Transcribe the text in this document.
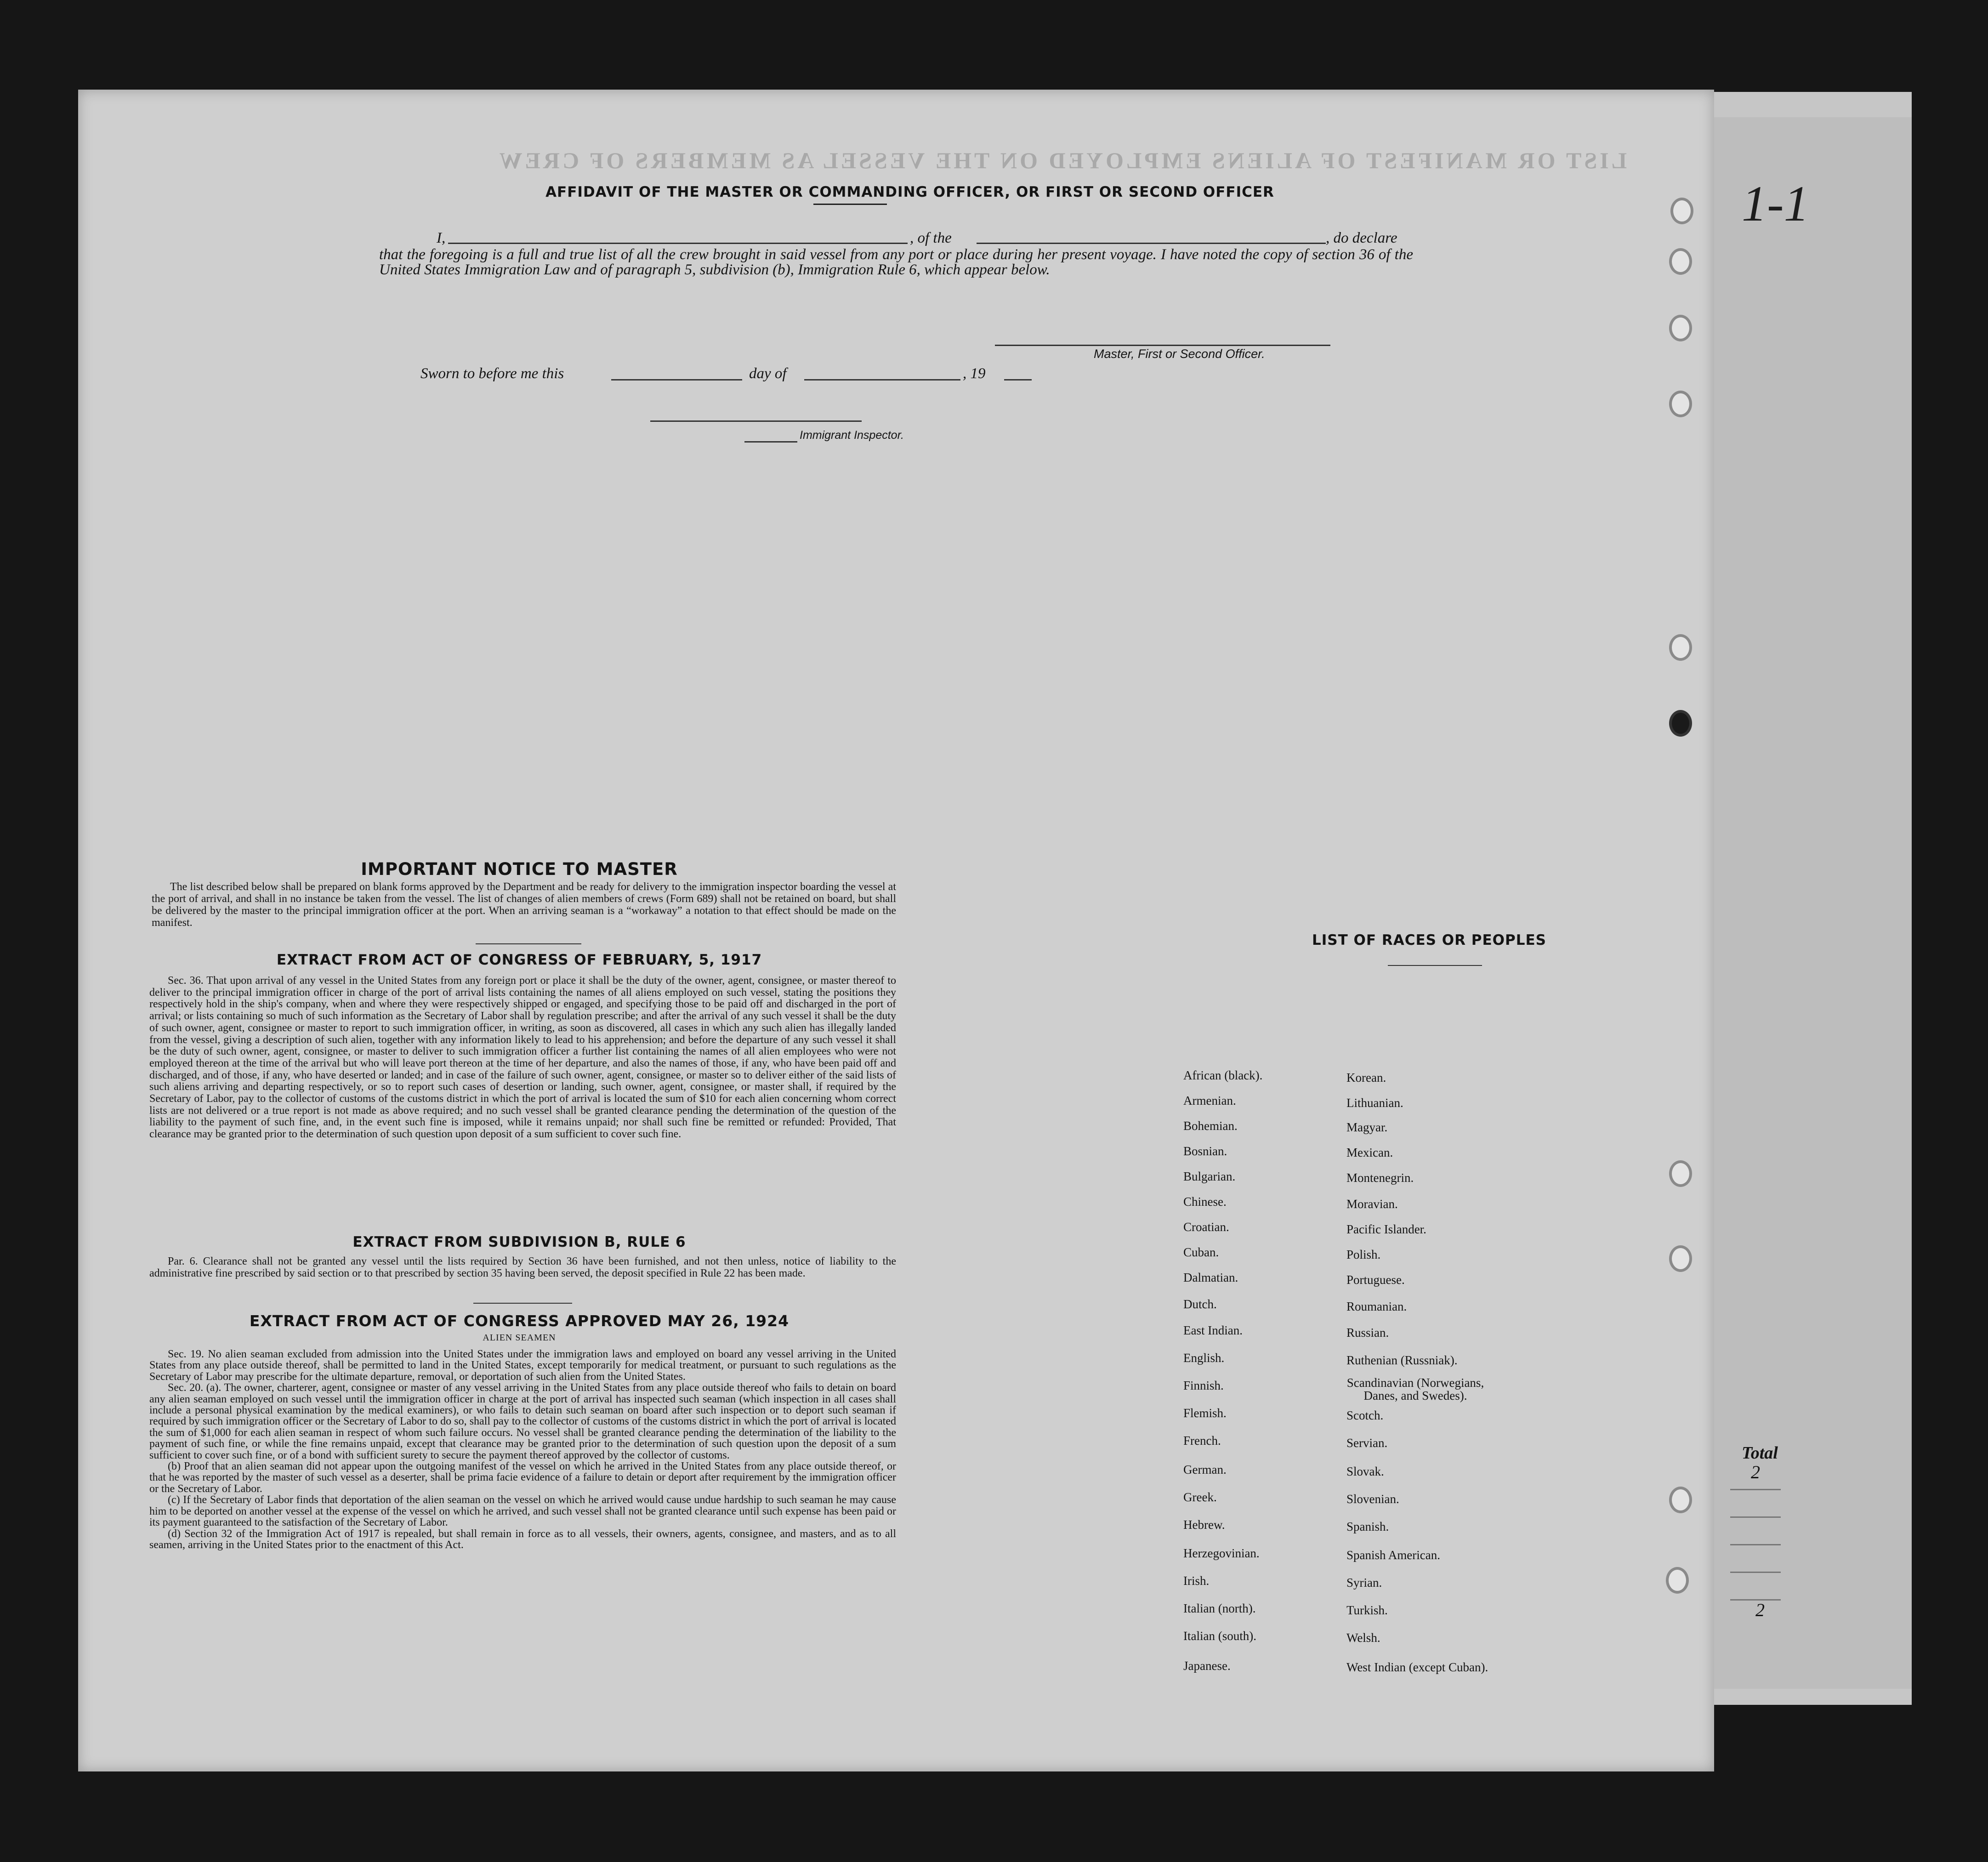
1-1
Total
2
2
LIST OR MANIFEST OF ALIENS EMPLOYED ON THE VESSEL AS MEMBERS OF CREW
AFFIDAVIT OF THE MASTER OR COMMANDING OFFICER, OR FIRST OR SECOND OFFICER
I,	, of the	, do declare
that the foregoing is a full and true list of all the crew brought in said vessel from any port or place during her present voyage. I have noted the copy of section 36 of the United States Immigration Law and of paragraph 5, subdivision (b), Immigration Rule 6, which appear below.
Master, First or Second Officer.
Sworn to before me this	day of	, 19
Immigrant Inspector.
IMPORTANT NOTICE TO MASTER

The list described below shall be prepared on blank forms approved by the Department and be ready for delivery to the immigration inspector boarding the vessel at the port of arrival, and shall in no instance be taken from the vessel. The list of changes of alien members of crews (Form 689) shall not be retained on board, but shall be delivered by the master to the principal immigration officer at the port. When an arriving seaman is a “workaway” a notation to that effect should be made on the manifest.

EXTRACT FROM ACT OF CONGRESS OF FEBRUARY, 5, 1917

Sec. 36. That upon arrival of any vessel in the United States from any foreign port or place it shall be the duty of the owner, agent, consignee, or master thereof to deliver to the principal immigration officer in charge of the port of arrival lists containing the names of all aliens employed on such vessel, stating the positions they respectively hold in the ship's company, when and where they were respectively shipped or engaged, and specifying those to be paid off and discharged in the port of arrival; or lists containing so much of such information as the Secretary of Labor shall by regulation prescribe; and after the arrival of any such vessel it shall be the duty of such owner, agent, consignee or master to report to such immigration officer, in writing, as soon as discovered, all cases in which any such alien has illegally landed from the vessel, giving a description of such alien, together with any information likely to lead to his apprehension; and before the departure of any such vessel it shall be the duty of such owner, agent, consignee, or master to deliver to such immigration officer a further list containing the names of all alien employees who were not employed thereon at the time of the arrival but who will leave port thereon at the time of her departure, and also the names of those, if any, who have been paid off and discharged, and of those, if any, who have deserted or landed; and in case of the failure of such owner, agent, consignee, or master so to deliver either of the said lists of such aliens arriving and departing respectively, or so to report such cases of desertion or landing, such owner, agent, consignee, or master shall, if required by the Secretary of Labor, pay to the collector of customs of the customs district in which the port of arrival is located the sum of $10 for each alien concerning whom correct lists are not delivered or a true report is not made as above required; and no such vessel shall be granted clearance pending the determination of the question of the liability to the payment of such fine, and, in the event such fine is imposed, while it remains unpaid; nor shall such fine be remitted or refunded: Provided, That clearance may be granted prior to the determination of such question upon deposit of a sum sufficient to cover such fine.

EXTRACT FROM SUBDIVISION B, RULE 6

Par. 6. Clearance shall not be granted any vessel until the lists required by Section 36 have been furnished, and not then unless, notice of liability to the administrative fine prescribed by said section or to that prescribed by section 35 having been served, the deposit specified in Rule 22 has been made.

EXTRACT FROM ACT OF CONGRESS APPROVED MAY 26, 1924
ALIEN SEAMEN

Sec. 19. No alien seaman excluded from admission into the United States under the immigration laws and employed on board any vessel arriving in the United States from any place outside thereof, shall be permitted to land in the United States, except temporarily for medical treatment, or pursuant to such regulations as the Secretary of Labor may prescribe for the ultimate departure, removal, or deportation of such alien from the United States.

Sec. 20. (a). The owner, charterer, agent, consignee or master of any vessel arriving in the United States from any place outside thereof who fails to detain on board any alien seaman employed on such vessel until the immigration officer in charge at the port of arrival has inspected such seaman (which inspection in all cases shall include a personal physical examination by the medical examiners), or who fails to detain such seaman on board after such inspection or to deport such seaman if required by such immigration officer or the Secretary of Labor to do so, shall pay to the collector of customs of the customs district in which the port of arrival is located the sum of $1,000 for each alien seaman in respect of whom such failure occurs. No vessel shall be granted clearance pending the determination of the liability to the payment of such fine, or while the fine remains unpaid, except that clearance may be granted prior to the determination of such question upon the deposit of a sum sufficient to cover such fine, or of a bond with sufficient surety to secure the payment thereof approved by the collector of customs.

(b) Proof that an alien seaman did not appear upon the outgoing manifest of the vessel on which he arrived in the United States from any place outside thereof, or that he was reported by the master of such vessel as a deserter, shall be prima facie evidence of a failure to detain or deport after requirement by the immigration officer or the Secretary of Labor.

(c) If the Secretary of Labor finds that deportation of the alien seaman on the vessel on which he arrived would cause undue hardship to such seaman he may cause him to be deported on another vessel at the expense of the vessel on which he arrived, and such vessel shall not be granted clearance until such expense has been paid or its payment guaranteed to the satisfaction of the Secretary of Labor.

(d) Section 32 of the Immigration Act of 1917 is repealed, but shall remain in force as to all vessels, their owners, agents, consignee, and masters, and as to all seamen, arriving in the United States prior to the enactment of this Act.

LIST OF RACES OR PEOPLES
African (black).
Armenian.
Bohemian.
Bosnian.
Bulgarian.
Chinese.
Croatian.
Cuban.
Dalmatian.
Dutch.
East Indian.
English.
Finnish.
Flemish.
French.
German.
Greek.
Hebrew.
Herzegovinian.
Irish.
Italian (north).
Italian (south).
Japanese.
Korean.
Lithuanian.
Magyar.
Mexican.
Montenegrin.
Moravian.
Pacific Islander.
Polish.
Portuguese.
Roumanian.
Russian.
Ruthenian (Russniak).
Scandinavian (Norwegians, Danes, and Swedes).
Scotch.
Servian.
Slovak.
Slovenian.
Spanish.
Spanish American.
Syrian.
Turkish.
Welsh.
West Indian (except Cuban).
